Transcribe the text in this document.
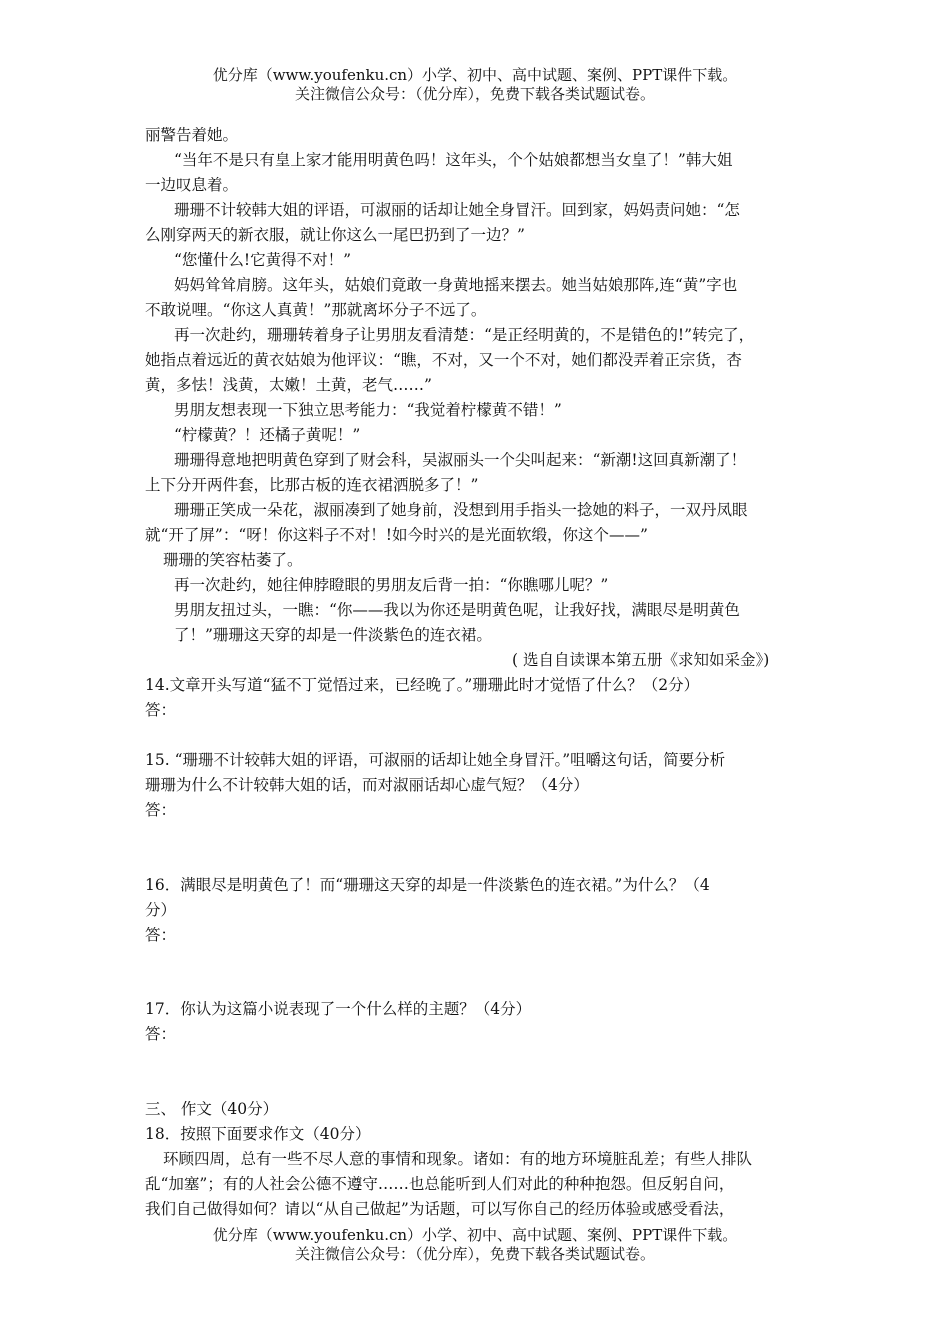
优分库（www.youfenku.cn）小学、初中、高中试题、案例、PPT课件下载。
关注微信公众号：（优分库），免费下载各类试题试卷。
丽警告着她。
“当年不是只有皇上家才能用明黄色吗！这年头，个个姑娘都想当女皇了！”韩大姐
一边叹息着。
珊珊不计较韩大姐的评语，可淑丽的话却让她全身冒汗。回到家，妈妈责问她：“怎
么刚穿两天的新衣服，就让你这么一尾巴扔到了一边？”
“您懂什么!它黄得不对！”
妈妈耸耸肩膀。这年头，姑娘们竟敢一身黄地摇来摆去。她当姑娘那阵,连“黄”字也
不敢说哩。“你这人真黄！”那就离坏分子不远了。
再一次赴约，珊珊转着身子让男朋友看清楚：“是正经明黄的，不是错色的!”转完了，
她指点着远近的黄衣姑娘为他评议：“瞧，不对，又一个不对，她们都没弄着正宗货，杏
黄，多怯！浅黄，太嫩！土黄，老气……”
男朋友想表现一下独立思考能力：“我觉着柠檬黄不错！”
“柠檬黄？！还橘子黄呢！”
珊珊得意地把明黄色穿到了财会科，吴淑丽头一个尖叫起来：“新潮!这回真新潮了！
上下分开两件套，比那古板的连衣裙洒脱多了！”
珊珊正笑成一朵花，淑丽凑到了她身前，没想到用手指头一捻她的料子，一双丹凤眼
就“开了屏”：“呀！你这料子不对！!如今时兴的是光面软缎，你这个——”
珊珊的笑容枯萎了。
再一次赴约，她往伸脖瞪眼的男朋友后背一拍：“你瞧哪儿呢？”
男朋友扭过头，一瞧：“你——我以为你还是明黄色呢，让我好找，满眼尽是明黄色
了！”珊珊这天穿的却是一件淡紫色的连衣裙。
( 选自自读课本第五册《求知如采金》)
14.文章开头写道“猛不丁觉悟过来，已经晚了。”珊珊此时才觉悟了什么？（2分）
答：
15. “珊珊不计较韩大姐的评语，可淑丽的话却让她全身冒汗。”咀嚼这句话，简要分析
珊珊为什么不计较韩大姐的话，而对淑丽话却心虚气短？（4分）
答：
16．满眼尽是明黄色了！而“珊珊这天穿的却是一件淡紫色的连衣裙。”为什么？（4
分）
答：
17．你认为这篇小说表现了一个什么样的主题？（4分）
答：
三、 作文（40分）
18．按照下面要求作文（40分）
环顾四周，总有一些不尽人意的事情和现象。诸如：有的地方环境脏乱差；有些人排队
乱“加塞”；有的人社会公德不遵守……也总能听到人们对此的种种抱怨。但反躬自问，
我们自己做得如何？请以“从自己做起”为话题，可以写你自己的经历体验或感受看法，
优分库（www.youfenku.cn）小学、初中、高中试题、案例、PPT课件下载。
关注微信公众号：（优分库），免费下载各类试题试卷。
